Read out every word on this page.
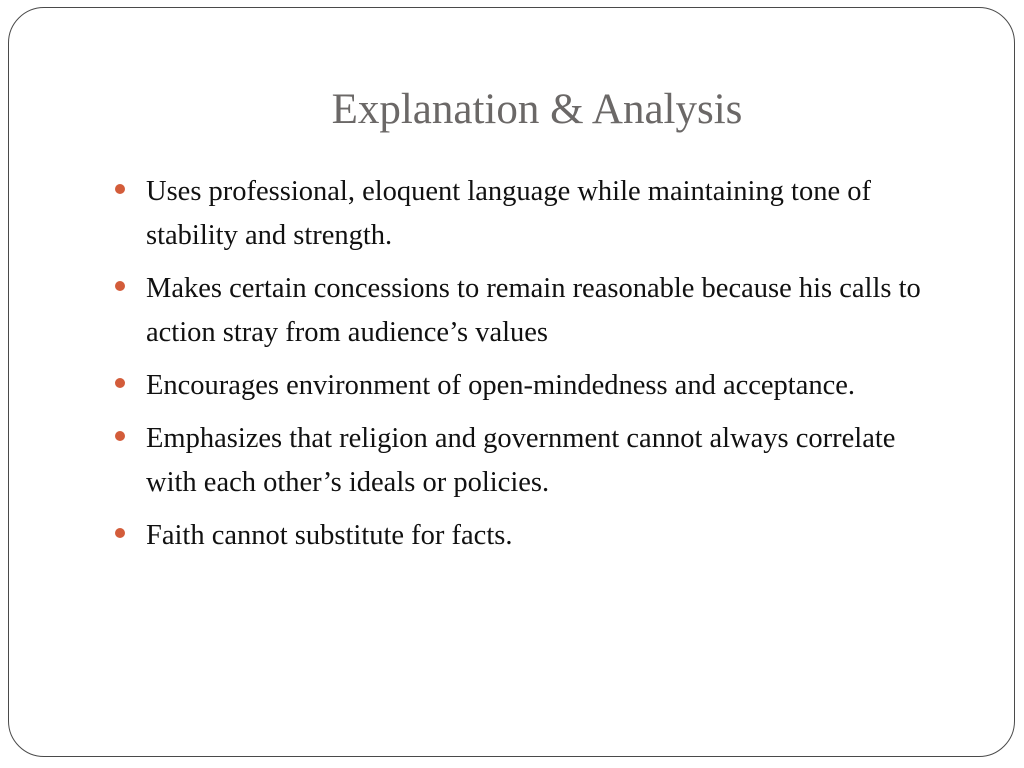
Explanation & Analysis
Uses professional, eloquent language while maintaining tone of stability and strength.
Makes certain concessions to remain reasonable because his calls to action stray from audience’s values
Encourages environment of open-mindedness and acceptance.
Emphasizes that religion and government cannot always correlate with each other’s ideals or policies.
Faith cannot substitute for facts.
